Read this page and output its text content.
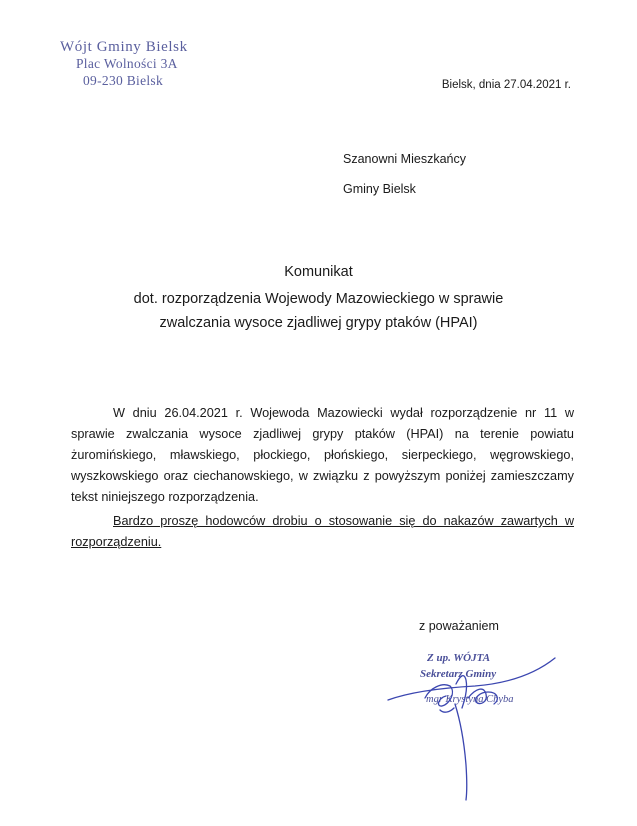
Wójt Gminy Bielsk
Plac Wolności 3A
09-230 Bielsk	Bielsk, dnia 27.04.2021 r.
Szanowni Mieszkańcy
Gminy Bielsk
Komunikat
dot. rozporządzenia Wojewody Mazowieckiego w sprawie
zwalczania wysoce zjadliwej grypy ptaków (HPAI)
W dniu 26.04.2021 r. Wojewoda Mazowiecki wydał rozporządzenie nr 11 w sprawie zwalczania wysoce zjadliwej grypy ptaków (HPAI) na terenie powiatu żuromińskiego, mławskiego, płockiego, płońskiego, sierpeckiego, węgrowskiego, wyszkowskiego oraz ciechanowskiego, w związku z powyższym poniżej zamieszczamy tekst niniejszego rozporządzenia.
Bardzo proszę hodowców drobiu o stosowanie się do nakazów zawartych w rozporządzeniu.
z poważaniem
Z up. WÓJTA
Sekretarz Gminy
mgr Krystyna Chyba
